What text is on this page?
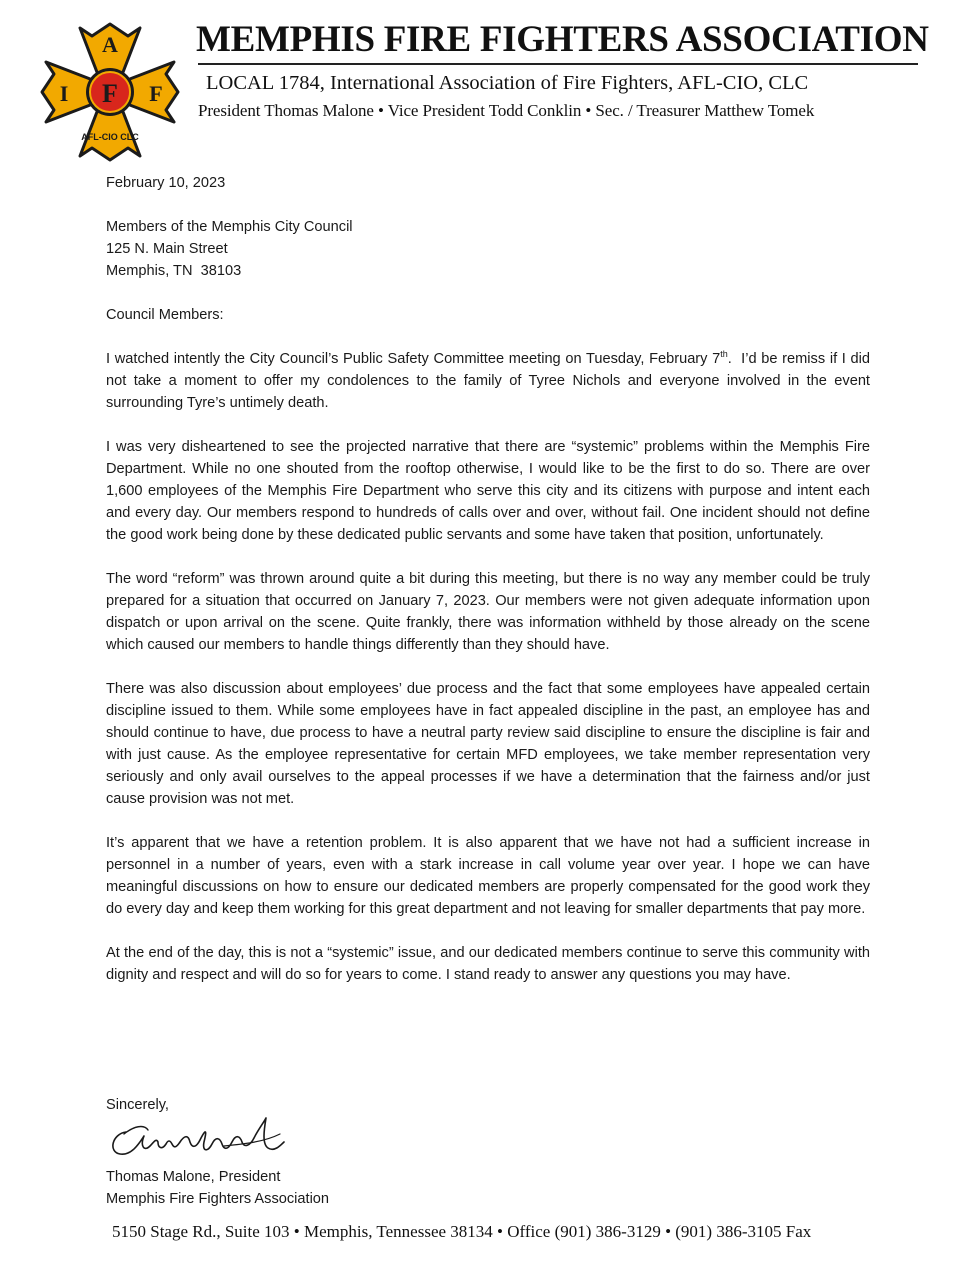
A
I F F
AFL-CIO CLC
MEMPHIS FIRE FIGHTERS ASSOCIATION
LOCAL 1784, International Association of Fire Fighters, AFL-CIO, CLC
President Thomas Malone • Vice President Todd Conklin • Sec. / Treasurer Matthew Tomek

February 10, 2023

Members of the Memphis City Council
125 N. Main Street
Memphis, TN  38103

Council Members:

I watched intently the City Council’s Public Safety Committee meeting on Tuesday, February 7th.  I’d be remiss if I did not take a moment to offer my condolences to the family of Tyree Nichols and everyone involved in the event surrounding Tyre’s untimely death.

I was very disheartened to see the projected narrative that there are “systemic” problems within the Memphis Fire Department. While no one shouted from the rooftop otherwise, I would like to be the first to do so. There are over 1,600 employees of the Memphis Fire Department who serve this city and its citizens with purpose and intent each and every day. Our members respond to hundreds of calls over and over, without fail. One incident should not define the good work being done by these dedicated public servants and some have taken that position, unfortunately.

The word “reform” was thrown around quite a bit during this meeting, but there is no way any member could be truly prepared for a situation that occurred on January 7, 2023. Our members were not given adequate information upon dispatch or upon arrival on the scene. Quite frankly, there was information withheld by those already on the scene which caused our members to handle things differently than they should have.

There was also discussion about employees’ due process and the fact that some employees have appealed certain discipline issued to them. While some employees have in fact appealed discipline in the past, an employee has and should continue to have, due process to have a neutral party review said discipline to ensure the discipline is fair and with just cause. As the employee representative for certain MFD employees, we take member representation very seriously and only avail ourselves to the appeal processes if we have a determination that the fairness and/or just cause provision was not met.

It’s apparent that we have a retention problem. It is also apparent that we have not had a sufficient increase in personnel in a number of years, even with a stark increase in call volume year over year. I hope we can have meaningful discussions on how to ensure our dedicated members are properly compensated for the good work they do every day and keep them working for this great department and not leaving for smaller departments that pay more.

At the end of the day, this is not a “systemic” issue, and our dedicated members continue to serve this community with dignity and respect and will do so for years to come. I stand ready to answer any questions you may have.

Sincerely,
Thomas Malone, President
Memphis Fire Fighters Association
5150 Stage Rd., Suite 103 • Memphis, Tennessee 38134 • Office (901) 386-3129 • (901) 386-3105 Fax
